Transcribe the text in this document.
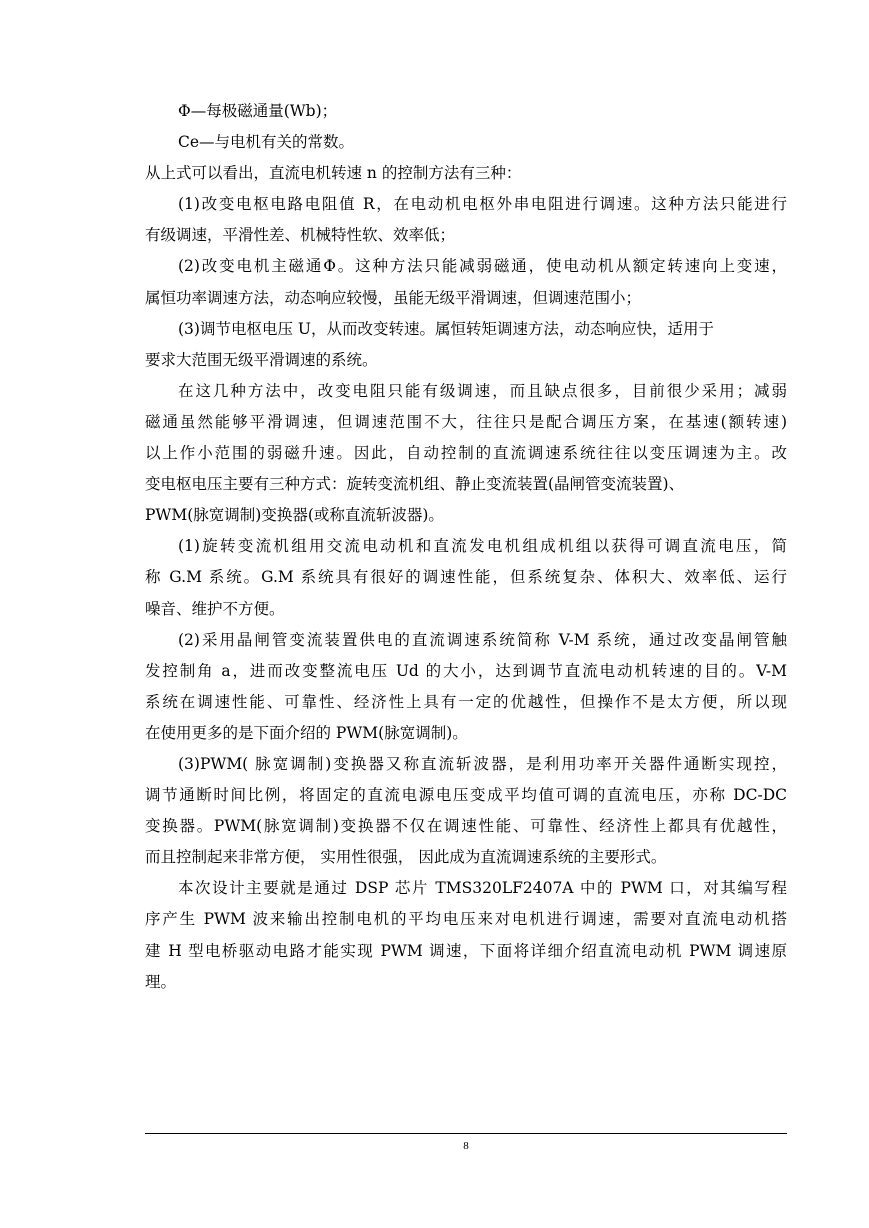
Φ—每极磁通量(Wb)；
Ce—与电机有关的常数。
从上式可以看出，直流电机转速 n 的控制方法有三种：
(1)改变电枢电路电阻值 R，在电动机电枢外串电阻进行调速。这种方法只能进行
有级调速，平滑性差、机械特性软、效率低；
(2)改变电机主磁通Φ。这种方法只能减弱磁通，使电动机从额定转速向上变速，
属恒功率调速方法，动态响应较慢，虽能无级平滑调速，但调速范围小；
(3)调节电枢电压 U，从而改变转速。属恒转矩调速方法，动态响应快，适用于
要求大范围无级平滑调速的系统。
在这几种方法中，改变电阻只能有级调速，而且缺点很多，目前很少采用；减弱
磁通虽然能够平滑调速，但调速范围不大，往往只是配合调压方案，在基速(额转速)
以上作小范围的弱磁升速。因此，自动控制的直流调速系统往往以变压调速为主。改
变电枢电压主要有三种方式：旋转变流机组、静止变流装置(晶闸管变流装置)、
PWM(脉宽调制)变换器(或称直流斩波器)。
(1)旋转变流机组用交流电动机和直流发电机组成机组以获得可调直流电压，简
称 G.M 系统。G.M 系统具有很好的调速性能，但系统复杂、体积大、效率低、运行
噪音、维护不方便。
(2)采用晶闸管变流装置供电的直流调速系统简称 V-M 系统，通过改变晶闸管触
发控制角 a，进而改变整流电压 Ud 的大小，达到调节直流电动机转速的目的。V-M
系统在调速性能、可靠性、经济性上具有一定的优越性，但操作不是太方便，所以现
在使用更多的是下面介绍的 PWM(脉宽调制)。
(3)PWM( 脉宽调制)变换器又称直流斩波器，是利用功率开关器件通断实现控，
调节通断时间比例，将固定的直流电源电压变成平均值可调的直流电压，亦称 DC-DC
变换器。PWM(脉宽调制)变换器不仅在调速性能、可靠性、经济性上都具有优越性，
而且控制起来非常方便， 实用性很强， 因此成为直流调速系统的主要形式。
本次设计主要就是通过 DSP 芯片 TMS320LF2407A 中的 PWM 口，对其编写程
序产生 PWM 波来输出控制电机的平均电压来对电机进行调速，需要对直流电动机搭
建 H 型电桥驱动电路才能实现 PWM 调速，下面将详细介绍直流电动机 PWM 调速原
理。
8
